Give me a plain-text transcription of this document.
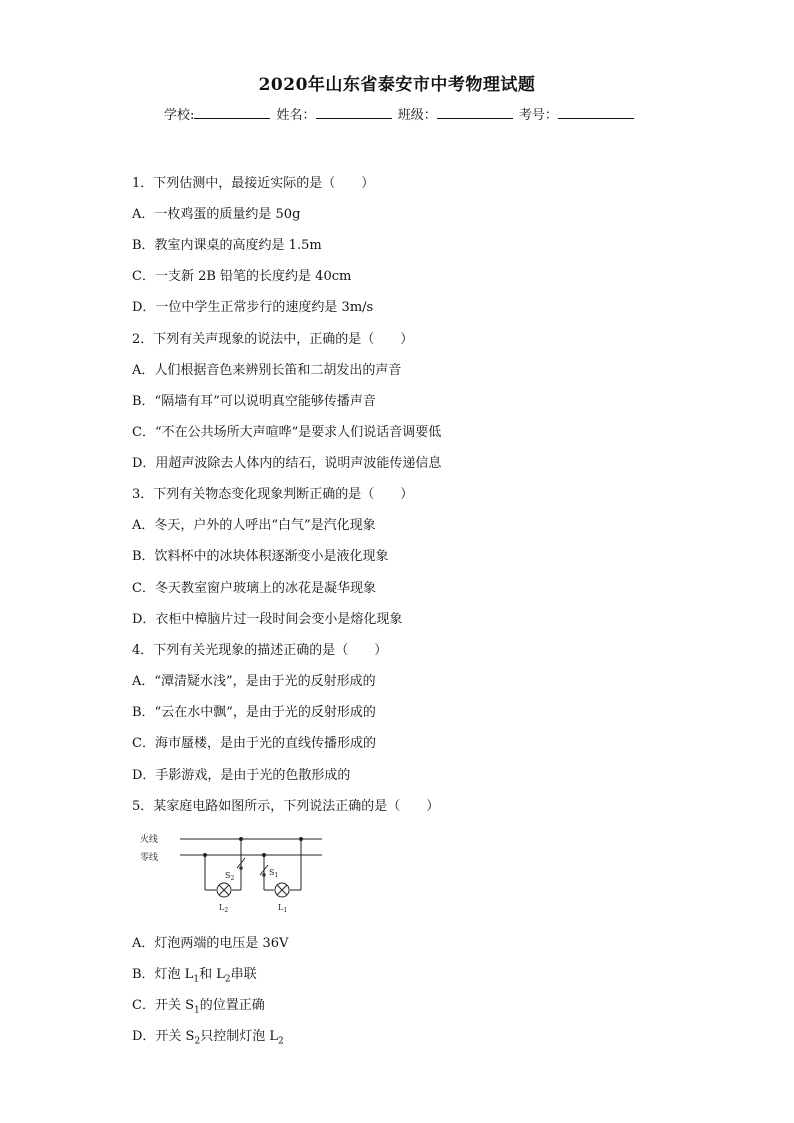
2020年山东省泰安市中考物理试题
学校:	姓名：	班级：	考号：
1．下列估测中，最接近实际的是（　　）
A．一枚鸡蛋的质量约是 50g
B．教室内课桌的高度约是 1.5m
C．一支新 2B 铅笔的长度约是 40cm
D．一位中学生正常步行的速度约是 3m/s
2．下列有关声现象的说法中，正确的是（　　）
A．人们根据音色来辨别长笛和二胡发出的声音
B．“隔墙有耳”可以说明真空能够传播声音
C．“不在公共场所大声喧哗”是要求人们说话音调要低
D．用超声波除去人体内的结石，说明声波能传递信息
3．下列有关物态变化现象判断正确的是（　　）
A．冬天，户外的人呼出“白气”是汽化现象
B．饮料杯中的冰块体积逐渐变小是液化现象
C．冬天教室窗户玻璃上的冰花是凝华现象
D．衣柜中樟脑片过一段时间会变小是熔化现象
4．下列有关光现象的描述正确的是（　　）
A．“潭清疑水浅”，是由于光的反射形成的
B．“云在水中飘”，是由于光的反射形成的
C．海市蜃楼，是由于光的直线传播形成的
D．手影游戏，是由于光的色散形成的
5．某家庭电路如图所示，下列说法正确的是（　　）
火线
零线
$S_2$
$S_1$
$L_2$	$L_1$
A．灯泡两端的电压是 36V
B．灯泡 $L_1$和 $L_2$串联
C．开关 $S_1$的位置正确
D．开关 $S_2$只控制灯泡 $L_2$
